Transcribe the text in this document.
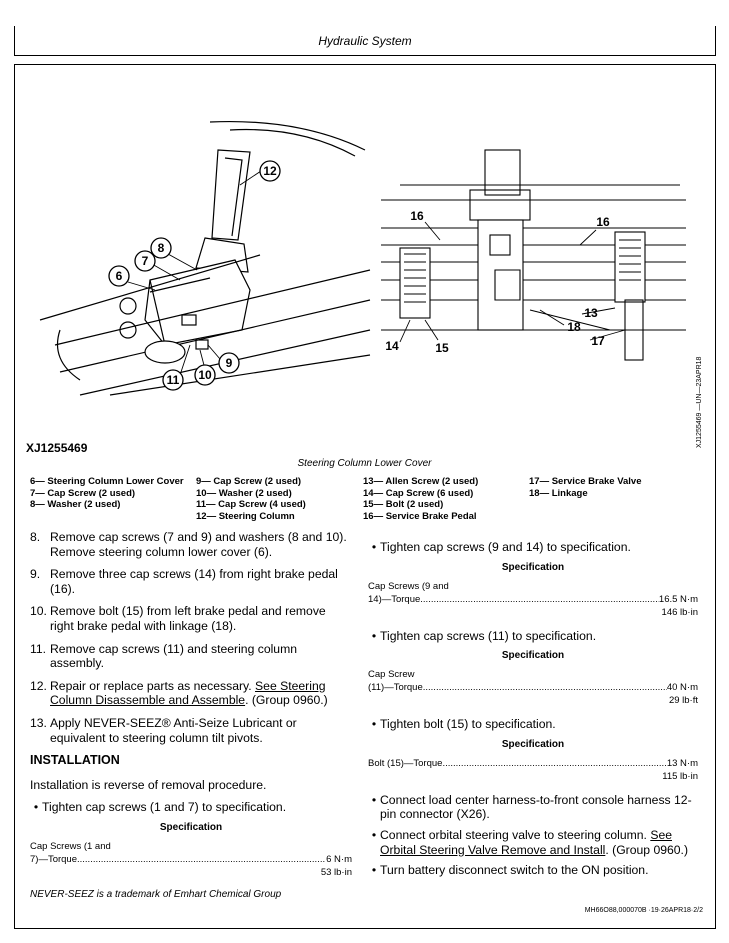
Hydraulic System
12
8
7
6
9
10
11
16	16
18
13
17
14	15
XJ1255469 —UN—23APR18
XJ1255469
Steering Column Lower Cover
6— Steering Column Lower Cover
7— Cap Screw (2 used)
8— Washer (2 used)
9— Cap Screw (2 used)
10— Washer (2 used)
11— Cap Screw (4 used)
12— Steering Column
13— Allen Screw (2 used)
14— Cap Screw (6 used)
15— Bolt (2 used)
16— Service Brake Pedal
17— Service Brake Valve
18— Linkage
8. Remove cap screws (7 and 9) and washers (8 and 10). Remove steering column lower cover (6).
9. Remove three cap screws (14) from right brake pedal (16).
10. Remove bolt (15) from left brake pedal and remove right brake pedal with linkage (18).
11. Remove cap screws (11) and steering column assembly.
12. Repair or replace parts as necessary. See Steering Column Disassemble and Assemble. (Group 0960.)
13. Apply NEVER-SEEZ® Anti-Seize Lubricant or equivalent to steering column tilt pivots.
INSTALLATION
Installation is reverse of removal procedure.
• Tighten cap screws (1 and 7) to specification.
Specification
Cap Screws (1 and
7)—Torque .....	6 N·m
53 lb·in
• Tighten cap screws (9 and 14) to specification.
Specification
Cap Screws (9 and
14)—Torque .....	16.5 N·m
146 lb·in
• Tighten cap screws (11) to specification.
Specification
Cap Screw
(11)—Torque .....	40 N·m
29 lb·ft
• Tighten bolt (15) to specification.
Specification
Bolt (15)—Torque .....	13 N·m
115 lb·in
• Connect load center harness-to-front console harness 12-pin connector (X26).
• Connect orbital steering valve to steering column. See Orbital Steering Valve Remove and Install. (Group 0960.)
• Turn battery disconnect switch to the ON position.
NEVER-SEEZ is a trademark of Emhart Chemical Group
MH66O88,000070B ·19·26APR18·2/2
